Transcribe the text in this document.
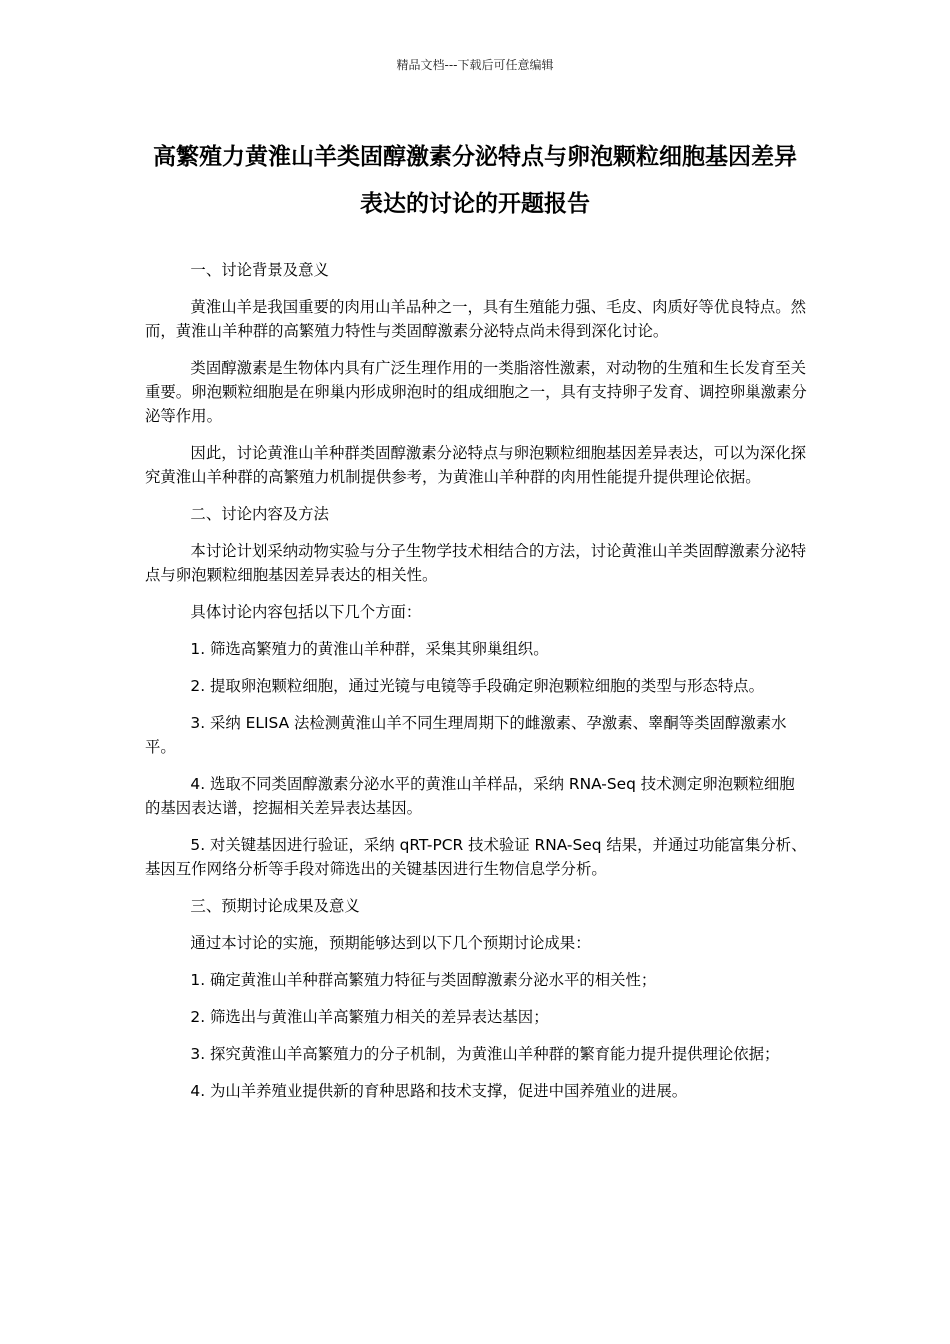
精品文档---下载后可任意编辑
高繁殖力黄淮山羊类固醇激素分泌特点与卵泡颗粒细胞基因差异表达的讨论的开题报告

一、讨论背景及意义

黄淮山羊是我国重要的肉用山羊品种之一，具有生殖能力强、毛皮、肉质好等优良特点。然而，黄淮山羊种群的高繁殖力特性与类固醇激素分泌特点尚未得到深化讨论。

类固醇激素是生物体内具有广泛生理作用的一类脂溶性激素，对动物的生殖和生长发育至关重要。卵泡颗粒细胞是在卵巢内形成卵泡时的组成细胞之一，具有支持卵子发育、调控卵巢激素分泌等作用。

因此，讨论黄淮山羊种群类固醇激素分泌特点与卵泡颗粒细胞基因差异表达，可以为深化探究黄淮山羊种群的高繁殖力机制提供参考，为黄淮山羊种群的肉用性能提升提供理论依据。

二、讨论内容及方法

本讨论计划采纳动物实验与分子生物学技术相结合的方法，讨论黄淮山羊类固醇激素分泌特点与卵泡颗粒细胞基因差异表达的相关性。

具体讨论内容包括以下几个方面：

1. 筛选高繁殖力的黄淮山羊种群，采集其卵巢组织。

2. 提取卵泡颗粒细胞，通过光镜与电镜等手段确定卵泡颗粒细胞的类型与形态特点。

3. 采纳 ELISA 法检测黄淮山羊不同生理周期下的雌激素、孕激素、睾酮等类固醇激素水平。

4. 选取不同类固醇激素分泌水平的黄淮山羊样品，采纳 RNA-Seq 技术测定卵泡颗粒细胞的基因表达谱，挖掘相关差异表达基因。

5. 对关键基因进行验证，采纳 qRT-PCR 技术验证 RNA-Seq 结果，并通过功能富集分析、基因互作网络分析等手段对筛选出的关键基因进行生物信息学分析。

三、预期讨论成果及意义

通过本讨论的实施，预期能够达到以下几个预期讨论成果：

1. 确定黄淮山羊种群高繁殖力特征与类固醇激素分泌水平的相关性；

2. 筛选出与黄淮山羊高繁殖力相关的差异表达基因；

3. 探究黄淮山羊高繁殖力的分子机制，为黄淮山羊种群的繁育能力提升提供理论依据；

4. 为山羊养殖业提供新的育种思路和技术支撑，促进中国养殖业的进展。
